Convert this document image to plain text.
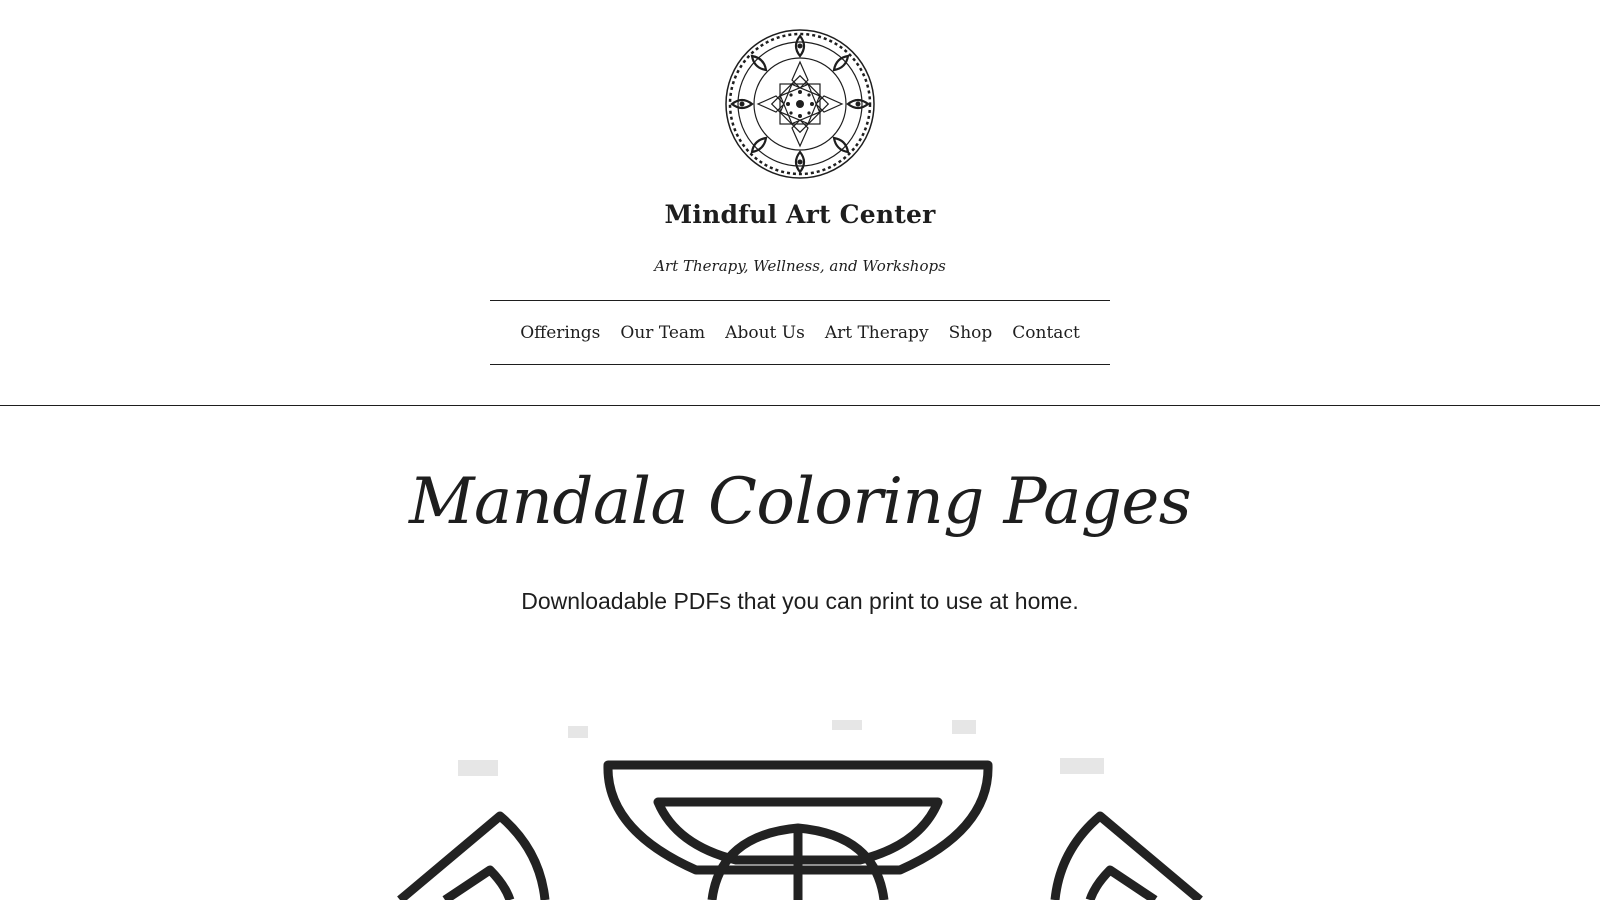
Mindful Art Center
Art Therapy, Wellness, and Workshops
Offerings Our Team About Us Art Therapy Shop Contact
Mandala Coloring Pages

Downloadable PDFs that you can print to use at home.
